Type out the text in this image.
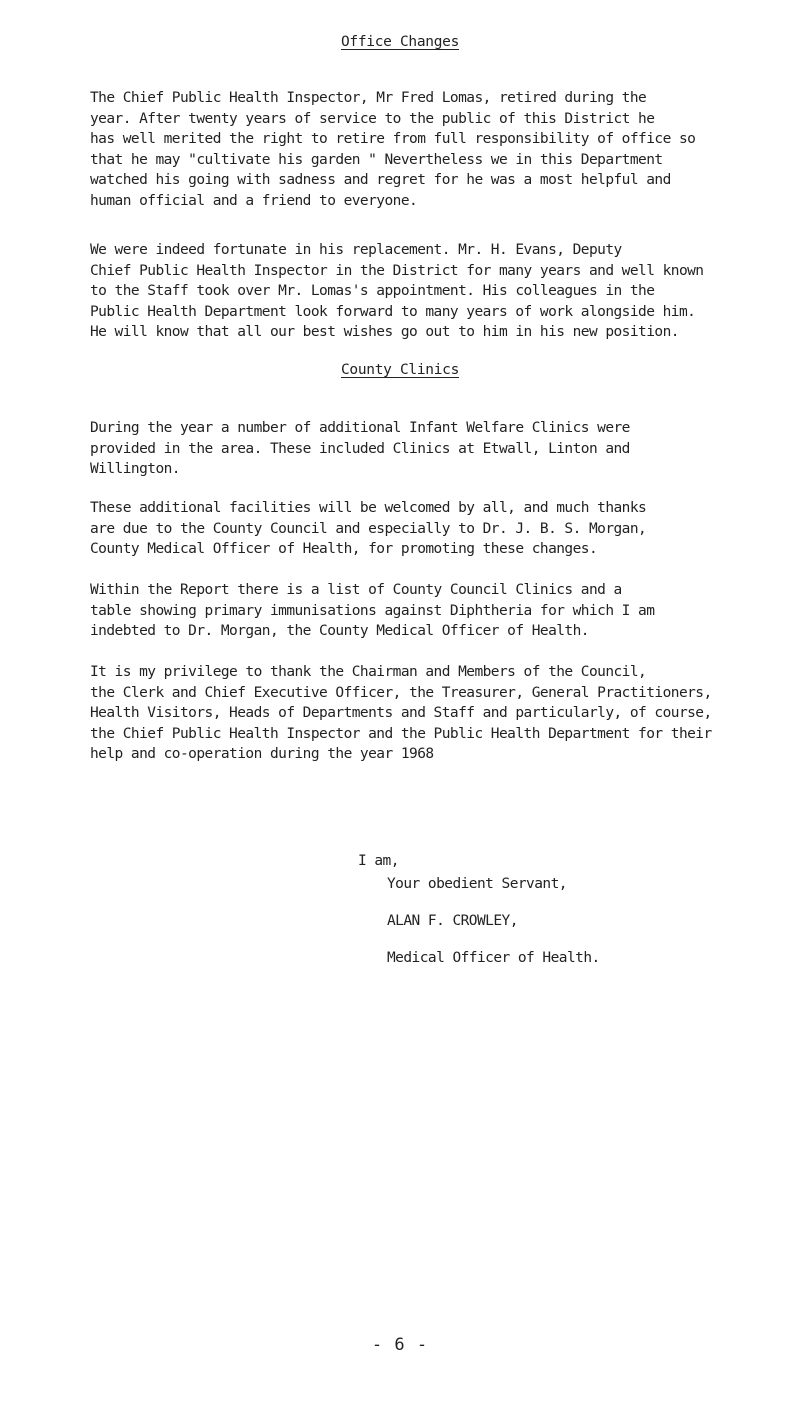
Office Changes

The Chief Public Health Inspector, Mr Fred Lomas, retired during the
year. After twenty years of service to the public of this District he
has well merited the right to retire from full responsibility of office so
that he may "cultivate his garden " Nevertheless we in this Department
watched his going with sadness and regret for he was a most helpful and
human official and a friend to everyone.

We were indeed fortunate in his replacement. Mr. H. Evans, Deputy
Chief Public Health Inspector in the District for many years and well known
to the Staff took over Mr. Lomas's appointment. His colleagues in the
Public Health Department look forward to many years of work alongside him.
He will know that all our best wishes go out to him in his new position.

County Clinics

During the year a number of additional Infant Welfare Clinics were
provided in the area. These included Clinics at Etwall, Linton and
Willington.

These additional facilities will be welcomed by all, and much thanks
are due to the County Council and especially to Dr. J. B. S. Morgan,
County Medical Officer of Health, for promoting these changes.

Within the Report there is a list of County Council Clinics and a
table showing primary immunisations against Diphtheria for which I am
indebted to Dr. Morgan, the County Medical Officer of Health.

It is my privilege to thank the Chairman and Members of the Council,
the Clerk and Chief Executive Officer, the Treasurer, General Practitioners,
Health Visitors, Heads of Departments and Staff and particularly, of course,
the Chief Public Health Inspector and the Public Health Department for their
help and co-operation during the year 1968

I am,

Your obedient Servant,

ALAN F. CROWLEY,

Medical Officer of Health.

- 6 -
